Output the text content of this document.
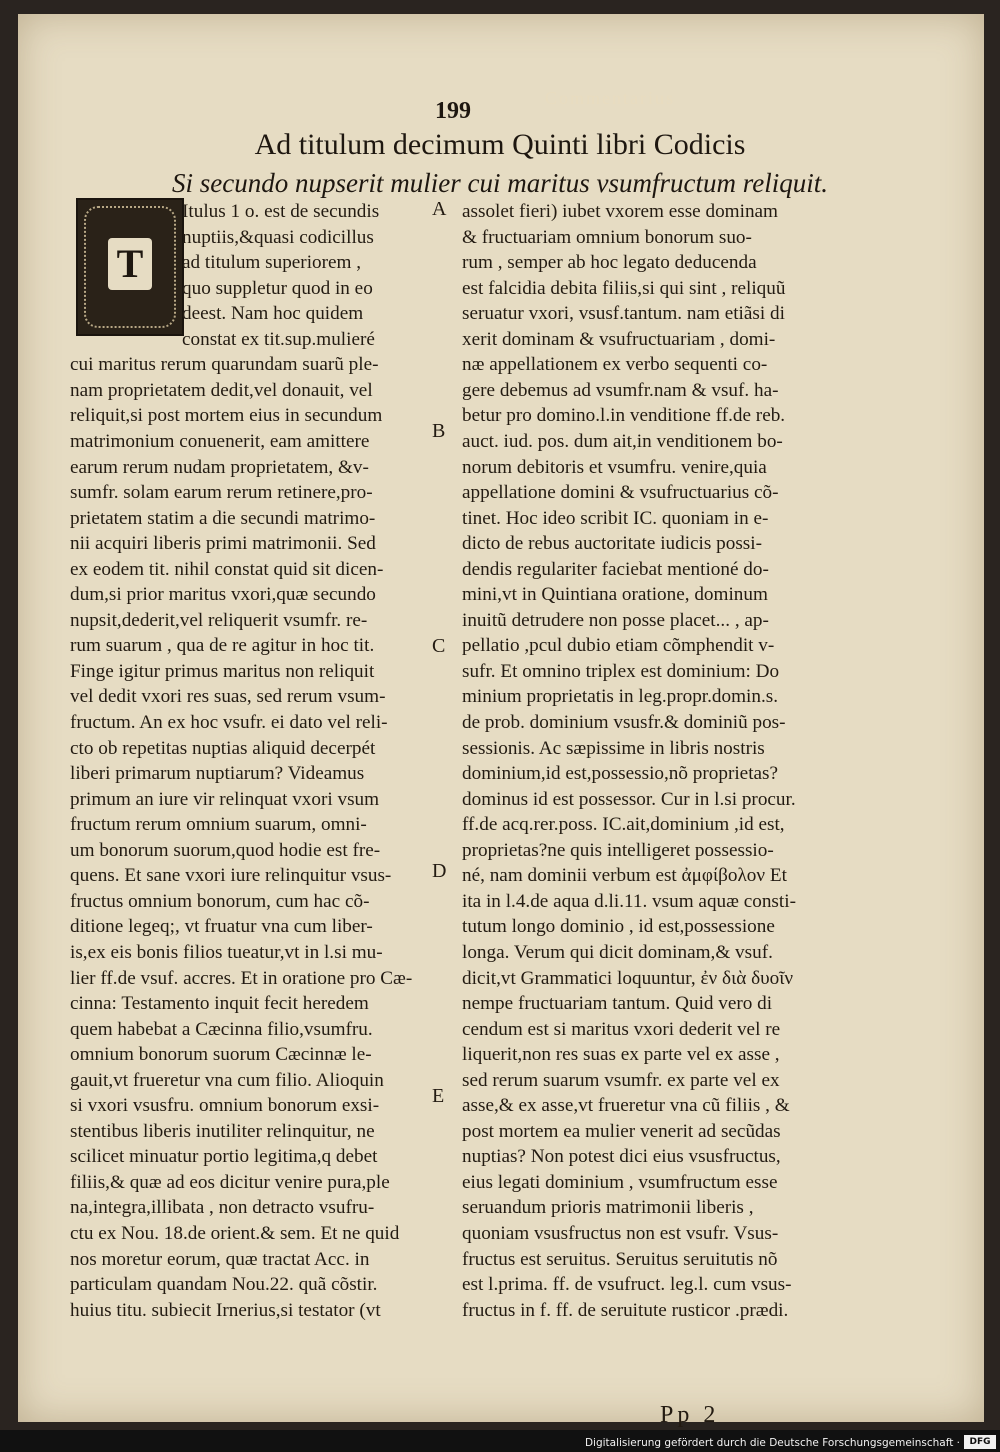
Commentarius
199
Ad titulum decimum Quinti libri Codicis
Si secundo nupserit mulier cui maritus vsumfructum reliquit.
T
Itulus 1 o. est de secundis
nuptiis,&quasi codicillus
ad titulum superiorem ,
quo suppletur quod in eo
deest. Nam hoc quidem
constat ex tit.sup.mulieré
cui maritus rerum quarundam suarũ ple-
nam proprietatem dedit,vel donauit, vel
reliquit,si post mortem eius in secundum
matrimonium conuenerit, eam amittere
earum rerum nudam proprietatem, &v-
sumfr. solam earum rerum retinere,pro-
prietatem statim a die secundi matrimo-
nii acquiri liberis primi matrimonii. Sed
ex eodem tit. nihil constat quid sit dicen-
dum,si prior maritus vxori,quæ secundo
nupsit,dederit,vel reliquerit vsumfr. re-
rum suarum , qua de re agitur in hoc tit.
Finge igitur primus maritus non reliquit
vel dedit vxori res suas, sed rerum vsum-
fructum. An ex hoc vsufr. ei dato vel reli-
cto ob repetitas nuptias aliquid decerpét
liberi primarum nuptiarum? Videamus
primum an iure vir relinquat vxori vsum
fructum rerum omnium suarum, omni-
um bonorum suorum,quod hodie est fre-
quens. Et sane vxori iure relinquitur vsus-
fructus omnium bonorum, cum hac cõ-
ditione legeq;, vt fruatur vna cum liber-
is,ex eis bonis filios tueatur,vt in l.si mu-
lier ff.de vsuf. accres. Et in oratione pro Cæ-
cinna: Testamento inquit fecit heredem
quem habebat a Cæcinna filio,vsumfru.
omnium bonorum suorum Cæcinnæ le-
gauit,vt frueretur vna cum filio. Alioquin
si vxori vsusfru. omnium bonorum exsi-
stentibus liberis inutiliter relinquitur, ne
scilicet minuatur portio legitima,q debet
filiis,& quæ ad eos dicitur venire pura,ple
na,integra,illibata , non detracto vsufru-
ctu ex Nou. 18.de orient.& sem. Et ne quid
nos moretur eorum, quæ tractat Acc. in
particulam quandam Nou.22. quã cõstir.
huius titu. subiecit Irnerius,si testator (vt
assolet fieri) iubet vxorem esse dominam
& fructuariam omnium bonorum suo-
rum , semper ab hoc legato deducenda
est falcidia debita filiis,si qui sint , reliquũ
seruatur vxori, vsusf.tantum. nam etiãsi di
xerit dominam & vsufructuariam , domi-
næ appellationem ex verbo sequenti co-
gere debemus ad vsumfr.nam & vsuf. ha-
betur pro domino.l.in venditione ff.de reb.
auct. iud. pos. dum ait,in venditionem bo-
norum debitoris et vsumfru. venire,quia
appellatione domini & vsufructuarius cõ-
tinet. Hoc ideo scribit IC. quoniam in e-
dicto de rebus auctoritate iudicis possi-
dendis regulariter faciebat mentioné do-
mini,vt in Quintiana oratione, dominum
inuitũ detrudere non posse placet... , ap-
pellatio ,pcul dubio etiam cõmphendit v-
sufr. Et omnino triplex est dominium: Do
minium proprietatis in leg.propr.domin.s.
de prob. dominium vsusfr.& dominiũ pos-
sessionis. Ac sæpissime in libris nostris
dominium,id est,possessio,nõ proprietas?
dominus id est possessor. Cur in l.si procur.
ff.de acq.rer.poss. IC.ait,dominium ,id est,
proprietas?ne quis intelligeret possessio-
né, nam dominii verbum est ἀμφίβολον Et
ita in l.4.de aqua d.li.11. vsum aquæ consti-
tutum longo dominio , id est,possessione
longa. Verum qui dicit dominam,& vsuf.
dicit,vt Grammatici loquuntur, ἐν διὰ δυοῖν
nempe fructuariam tantum. Quid vero di
cendum est si maritus vxori dederit vel re
liquerit,non res suas ex parte vel ex asse ,
sed rerum suarum vsumfr. ex parte vel ex
asse,& ex asse,vt frueretur vna cũ filiis , &
post mortem ea mulier venerit ad secũdas
nuptias? Non potest dici eius vsusfructus,
eius legati dominium , vsumfructum esse
seruandum prioris matrimonii liberis ,
quoniam vsusfructus non est vsufr. Vsus-
fructus est seruitus. Seruitus seruitutis nõ
est l.prima. ff. de vsufruct. leg.l. cum vsus-
fructus in f. ff. de seruitute rusticor .prædi.
A
B
C
D
E
Pp 2
Digitalisierung gefördert durch die Deutsche Forschungsgemeinschaft ·	DFG
